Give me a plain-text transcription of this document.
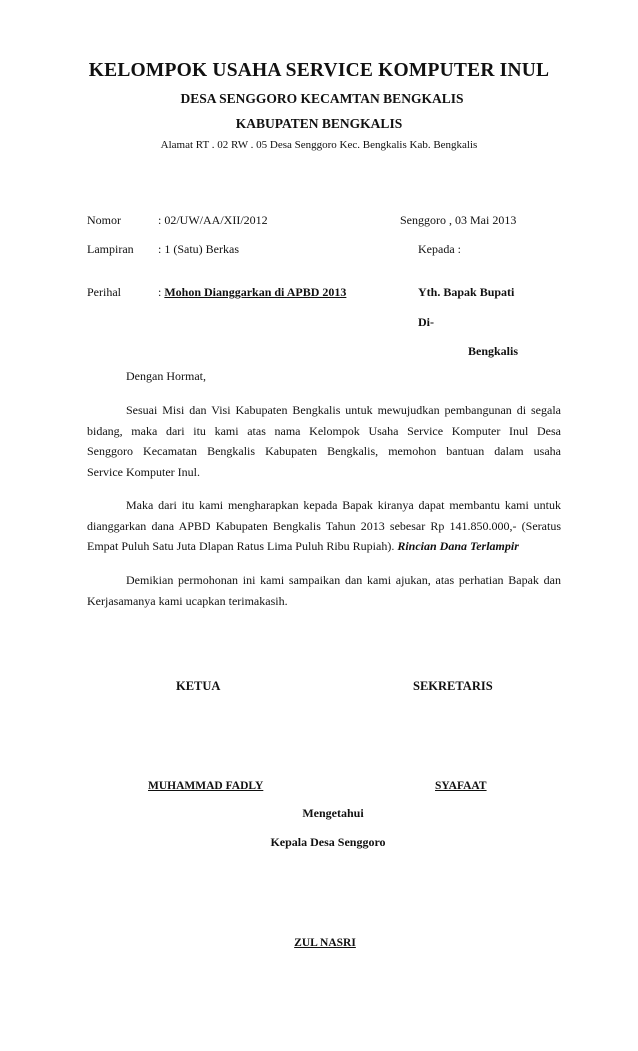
KELOMPOK USAHA SERVICE KOMPUTER INUL
DESA SENGGORO KECAMTAN BENGKALIS
KABUPATEN BENGKALIS
Alamat RT . 02 RW . 05 Desa Senggoro Kec. Bengkalis Kab. Bengkalis
Nomor	: 02/UW/AA/XII/2012	Senggoro , 03 Mai 2013
Lampiran : 1 (Satu) Berkas	Kepada :
Perihal	: Mohon Dianggarkan di APBD 2013	Yth. Bapak Bupati
Di-
Bengkalis
Dengan Hormat,
Sesuai Misi dan Visi Kabupaten Bengkalis untuk mewujudkan pembangunan di segala
bidang, maka dari itu kami atas nama Kelompok Usaha Service Komputer Inul Desa
Senggoro Kecamatan Bengkalis Kabupaten Bengkalis, memohon bantuan dalam usaha
Service Komputer Inul.
Maka dari itu kami mengharapkan kepada Bapak kiranya dapat membantu kami untuk
dianggarkan dana APBD Kabupaten Bengkalis Tahun 2013 sebesar Rp 141.850.000,- (Seratus
Empat Puluh Satu Juta Dlapan Ratus Lima Puluh Ribu Rupiah). Rincian Dana Terlampir
Demikian permohonan ini kami sampaikan dan kami ajukan, atas perhatian Bapak dan
Kerjasamanya kami ucapkan terimakasih.
KETUA	SEKRETARIS
MUHAMMAD FADLY	SYAFAAT
Mengetahui
Kepala Desa Senggoro
ZUL NASRI
